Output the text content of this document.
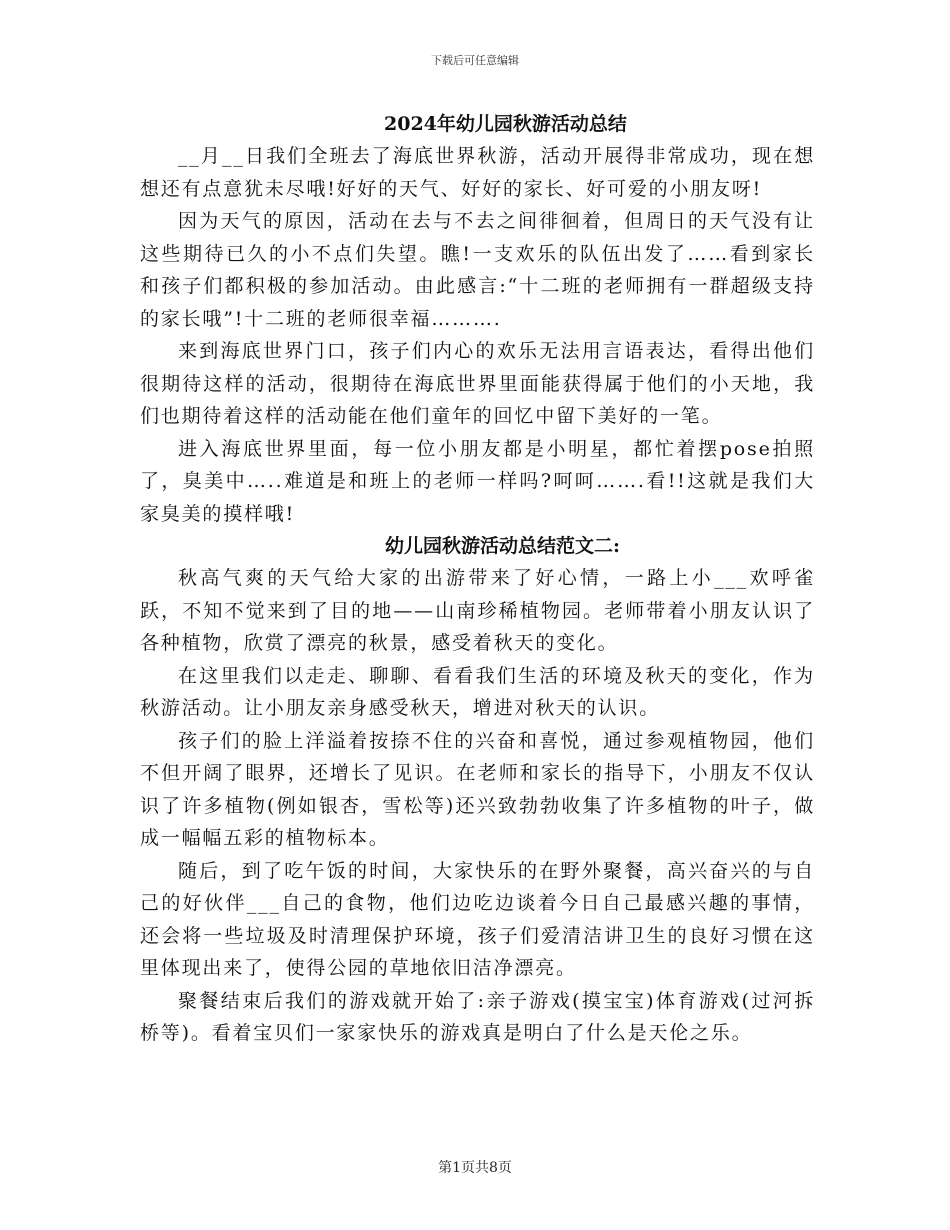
下载后可任意编辑
2024年幼儿园秋游活动总结

__月__日我们全班去了海底世界秋游，活动开展得非常成功，现在想想还有点意犹未尽哦!好好的天气、好好的家长、好可爱的小朋友呀!

因为天气的原因，活动在去与不去之间徘徊着，但周日的天气没有让这些期待已久的小不点们失望。瞧!一支欢乐的队伍出发了……看到家长和孩子们都积极的参加活动。由此感言:“十二班的老师拥有一群超级支持的家长哦”!十二班的老师很幸福……….

来到海底世界门口，孩子们内心的欢乐无法用言语表达，看得出他们很期待这样的活动，很期待在海底世界里面能获得属于他们的小天地，我们也期待着这样的活动能在他们童年的回忆中留下美好的一笔。

进入海底世界里面，每一位小朋友都是小明星，都忙着摆pose拍照了，臭美中…..难道是和班上的老师一样吗?呵呵…….看!!这就是我们大家臭美的摸样哦!

幼儿园秋游活动总结范文二:

秋高气爽的天气给大家的出游带来了好心情，一路上小___欢呼雀跃，不知不觉来到了目的地——山南珍稀植物园。老师带着小朋友认识了各种植物，欣赏了漂亮的秋景，感受着秋天的变化。

在这里我们以走走、聊聊、看看我们生活的环境及秋天的变化，作为秋游活动。让小朋友亲身感受秋天，增进对秋天的认识。

孩子们的脸上洋溢着按捺不住的兴奋和喜悦，通过参观植物园，他们不但开阔了眼界，还增长了见识。在老师和家长的指导下，小朋友不仅认识了许多植物(例如银杏，雪松等)还兴致勃勃收集了许多植物的叶子，做成一幅幅五彩的植物标本。

随后，到了吃午饭的时间，大家快乐的在野外聚餐，高兴奋兴的与自己的好伙伴___自己的食物，他们边吃边谈着今日自己最感兴趣的事情，还会将一些垃圾及时清理保护环境，孩子们爱清洁讲卫生的良好习惯在这里体现出来了，使得公园的草地依旧洁净漂亮。

聚餐结束后我们的游戏就开始了:亲子游戏(摸宝宝)体育游戏(过河拆桥等)。看着宝贝们一家家快乐的游戏真是明白了什么是天伦之乐。

第1页共8页
